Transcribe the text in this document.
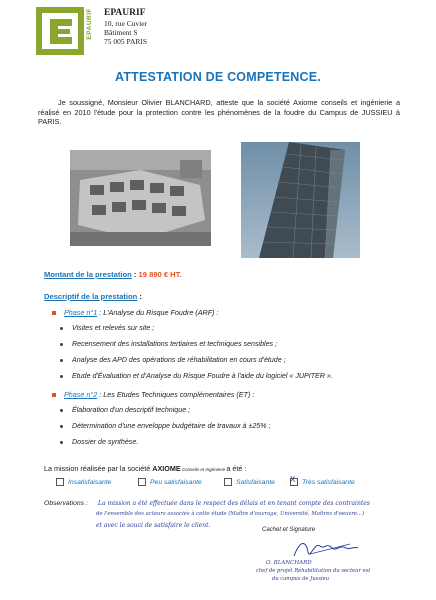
EPAURIF EPAURIF
10, rue Cuvier
Bâtiment S
75 005 PARIS
ATTESTATION DE COMPETENCE.
Je soussigné, Monsieur Olivier BLANCHARD, atteste que la société Axiome conseils et ingénierie a réalisé en 2010 l'étude pour la protection contre les phénomènes de la foudre du Campus de JUSSIEU à PARIS.
Montant de la prestation : 19 890 € HT.
Descriptif de la prestation :
Phase n°1 : L'Analyse du Risque Foudre (ARF) :
Visites et relevés sur site ;
Recensement des installations tertiaires et techniques sensibles ;
Analyse des APD des opérations de réhabilitation en cours d'étude ;
Etude d'Évaluation et d'Analyse du Risque Foudre à l'aide du logiciel « JUPITER ».
Phase n°2 : Les Etudes Techniques complémentaires (ET) :
Élaboration d'un descriptif technique ;
Détermination d'une enveloppe budgétaire de travaux à ±25% ;
Dossier de synthèse.
La mission réalisée par la société AXIOME Conseils et Ingénierie a été :
Insatisfaisante	Peu satisfaisante	Satisfaisante
X	Très satisfaisante
Observations : La mission a été effectuée dans le respect des délais et en tenant compte des contraintes
de l'ensemble des acteurs associés à cette étude (Maître d'ouvrage, Université, Maîtres d'oeuvre...)
et avec le souci de satisfaire le client.
Cachet et Signature
O. BLANCHARD
chef de projet Réhabilitation du secteur est
du campus de Jussieu
